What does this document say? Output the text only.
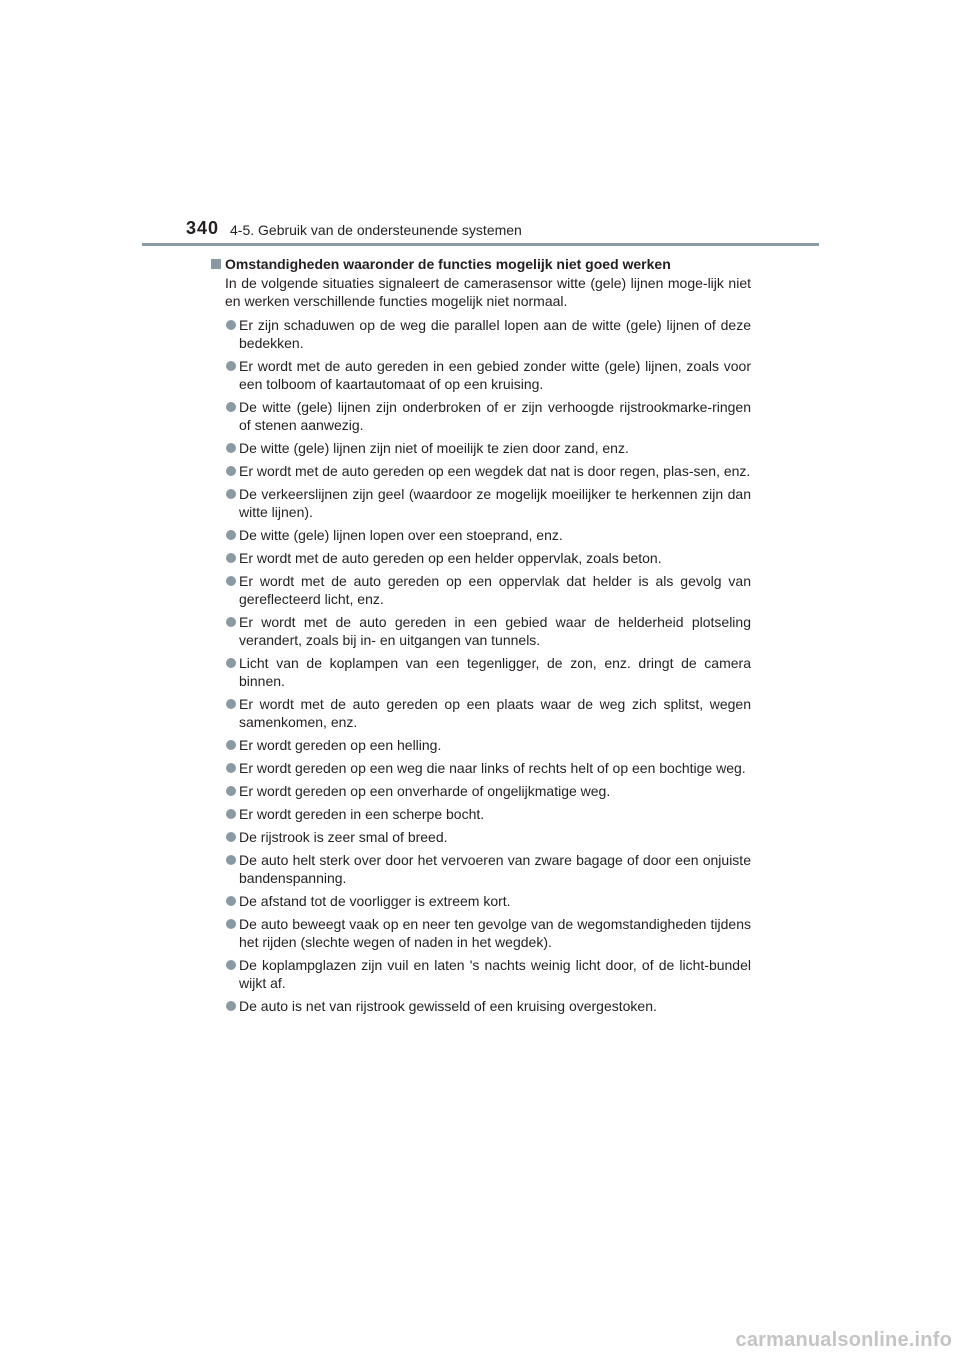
340 4-5. Gebruik van de ondersteunende systemen
Omstandigheden waaronder de functies mogelijk niet goed werken

In de volgende situaties signaleert de camerasensor witte (gele) lijnen moge-lijk niet en werken verschillende functies mogelijk niet normaal.

Er zijn schaduwen op de weg die parallel lopen aan de witte (gele) lijnen of deze bedekken.
Er wordt met de auto gereden in een gebied zonder witte (gele) lijnen, zoals voor een tolboom of kaartautomaat of op een kruising.
De witte (gele) lijnen zijn onderbroken of er zijn verhoogde rijstrookmarke-ringen of stenen aanwezig.
De witte (gele) lijnen zijn niet of moeilijk te zien door zand, enz.
Er wordt met de auto gereden op een wegdek dat nat is door regen, plas-sen, enz.
De verkeerslijnen zijn geel (waardoor ze mogelijk moeilijker te herkennen zijn dan witte lijnen).
De witte (gele) lijnen lopen over een stoeprand, enz.
Er wordt met de auto gereden op een helder oppervlak, zoals beton.
Er wordt met de auto gereden op een oppervlak dat helder is als gevolg van gereflecteerd licht, enz.
Er wordt met de auto gereden in een gebied waar de helderheid plotseling verandert, zoals bij in- en uitgangen van tunnels.
Licht van de koplampen van een tegenligger, de zon, enz. dringt de camera binnen.
Er wordt met de auto gereden op een plaats waar de weg zich splitst, wegen samenkomen, enz.
Er wordt gereden op een helling.
Er wordt gereden op een weg die naar links of rechts helt of op een bochtige weg.
Er wordt gereden op een onverharde of ongelijkmatige weg.
Er wordt gereden in een scherpe bocht.
De rijstrook is zeer smal of breed.
De auto helt sterk over door het vervoeren van zware bagage of door een onjuiste bandenspanning.
De afstand tot de voorligger is extreem kort.
De auto beweegt vaak op en neer ten gevolge van de wegomstandigheden tijdens het rijden (slechte wegen of naden in het wegdek).
De koplampglazen zijn vuil en laten 's nachts weinig licht door, of de licht-bundel wijkt af.
De auto is net van rijstrook gewisseld of een kruising overgestoken.
carmanualsonline.info
